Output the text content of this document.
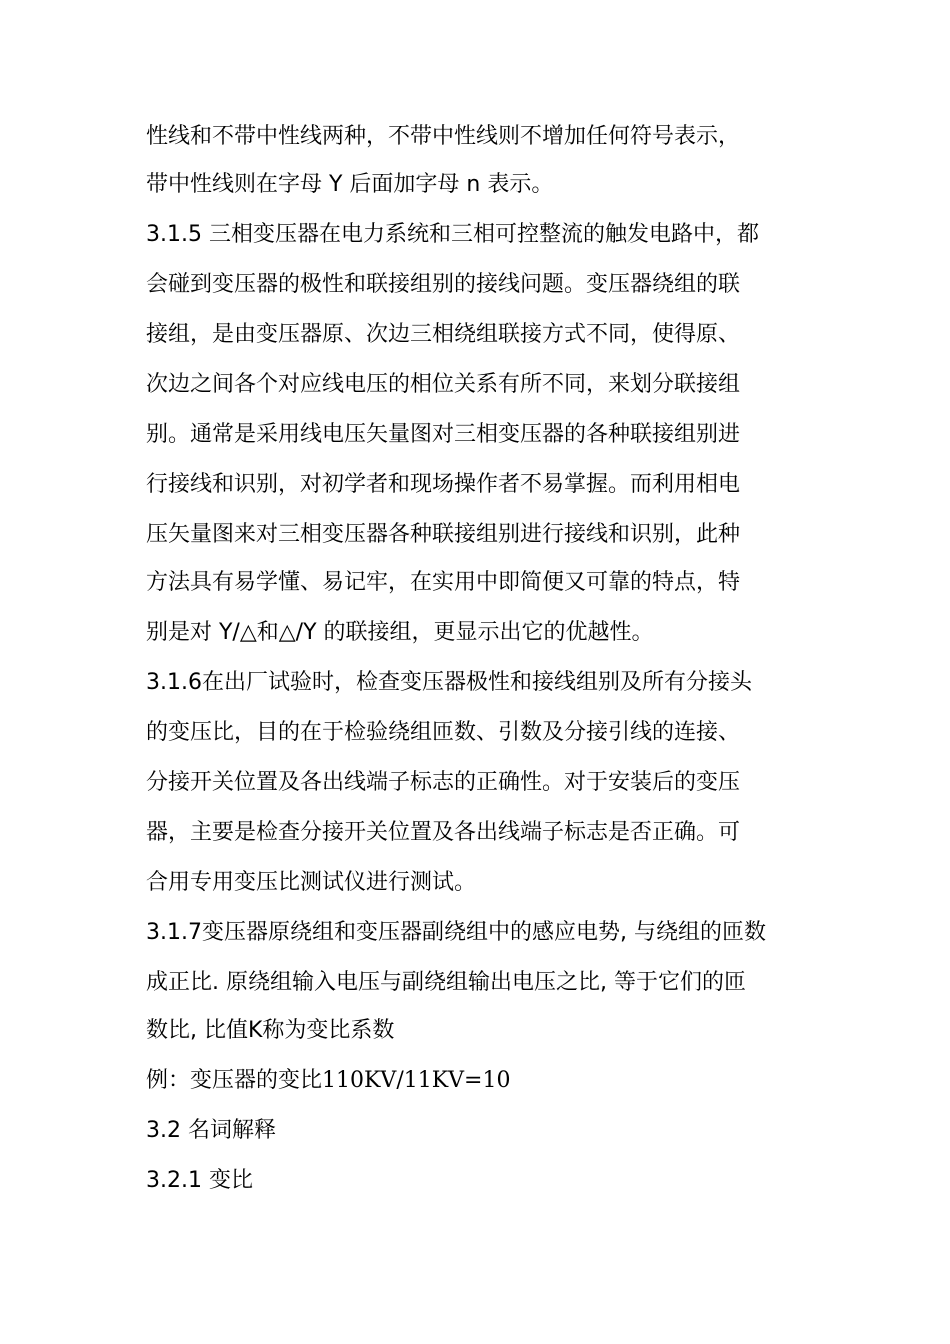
性线和不带中性线两种，不带中性线则不增加任何符号表示，
带中性线则在字母 Y 后面加字母 n 表示。
3.1.5 三相变压器在电力系统和三相可控整流的触发电路中，都
会碰到变压器的极性和联接组别的接线问题。变压器绕组的联
接组，是由变压器原、次边三相绕组联接方式不同，使得原、
次边之间各个对应线电压的相位关系有所不同，来划分联接组
别。通常是采用线电压矢量图对三相变压器的各种联接组别进
行接线和识别，对初学者和现场操作者不易掌握。而利用相电
压矢量图来对三相变压器各种联接组别进行接线和识别，此种
方法具有易学懂、易记牢，在实用中即简便又可靠的特点，特
别是对 Y/△和△/Y 的联接组，更显示出它的优越性。
3.1.6在出厂试验时，检查变压器极性和接线组别及所有分接头
的变压比，目的在于检验绕组匝数、引数及分接引线的连接、
分接开关位置及各出线端子标志的正确性。对于安装后的变压
器，主要是检查分接开关位置及各出线端子标志是否正确。可
合用专用变压比测试仪进行测试。
3.1.7变压器原绕组和变压器副绕组中的感应电势, 与绕组的匝数
成正比. 原绕组输入电压与副绕组输出电压之比, 等于它们的匝
数比, 比值K称为变比系数
例：变压器的变比110KV/11KV=10
3.2 名词解释
3.2.1 变比
